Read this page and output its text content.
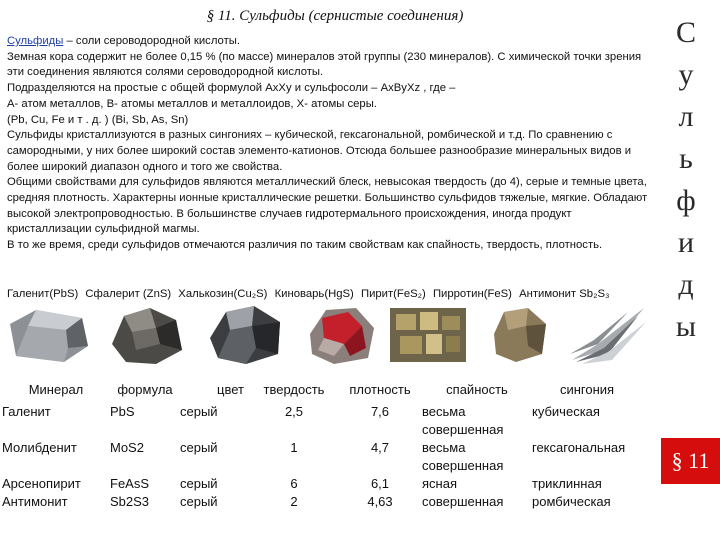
§ 11. Сульфиды (сернистые соединения)	С
у
л
ь
ф
и
д
ы

Сульфиды – соли сероводородной кислоты.

Земная кора содержит не более 0,15 % (по массе) минералов этой группы (230 минералов). С химической точки зрения эти соединения являются солями сероводородной кислоты.

Подразделяются на простые с общей формулой AxXy и сульфосоли – AxByXz , где –

A- атом металлов, B- атомы металлов и металлоидов, X- атомы серы.

(Pb, Cu, Fe и т . д. ) (Bi, Sb, As, Sn)

Сульфиды кристаллизуются в разных сингониях – кубической, гексагональной, ромбической и т.д. По сравнению с самородными, у них более широкий состав элементо-катионов. Отсюда большее разнообразие минеральных видов и более широкий диапазон одного и того же свойства.

Общими свойствами для сульфидов являются металлический блеск, невысокая твердость (до 4), серые и темные цвета, средняя плотность. Характерны ионные кристаллические решетки. Большинство сульфидов тяжелые, мягкие. Обладают высокой электропроводностью. В большинстве случаев гидротермального происхождения, иногда продукт кристаллизации сульфидной магмы.

В то же время, среди сульфидов отмечаются различия по таким свойствам как спайность, твердость, плотность.

Галенит(PbS) Сфалерит (ZnS) Халькозин(Cu₂S) Киноварь(HgS) Пирит(FeS₂) Пирротин(FeS) Антимонит Sb₂S₃
§ 11
Минерал	формула	цвет	твердость	плотность	спайность	сингония
Галенит	PbS	серый	2,5	7,6	весьма совершенная	кубическая
Молибденит	MoS2	серый	1	4,7	весьма совершенная	гексагональная
Арсенопирит	FeAsS	серый	6	6,1	ясная	триклинная
Антимонит	Sb2S3	серый	2	4,63	совершенная	ромбическая
